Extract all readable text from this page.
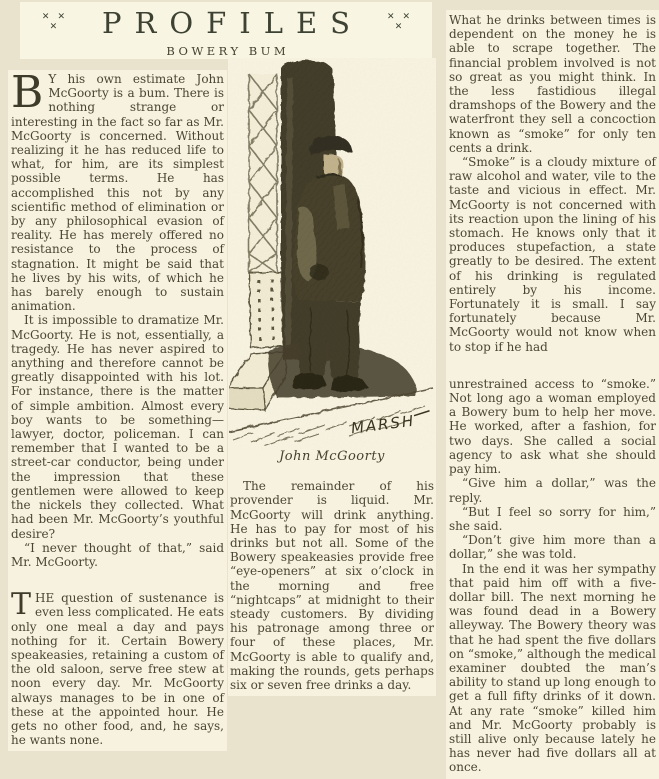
✕ ✕
✕	PROFILES	✕ ✕
✕
BOWERY BUM

B Y his own estimate John McGoorty is a bum. There is nothing strange or interesting in the fact so far as Mr. McGoorty is concerned. Without realizing it he has reduced life to what, for him, are its simplest possible terms. He has accomplished this not by any scientific method of elimination or by any philosophical evasion of reality. He has merely offered no resistance to the process of stagnation. It might be said that he lives by his wits, of which he has barely enough to sustain animation.

It is impossible to dramatize Mr. McGoorty. He is not, essentially, a tragedy. He has never aspired to anything and therefore cannot be greatly disappointed with his lot. For instance, there is the matter of simple ambition. Almost every boy wants to be something—lawyer, doctor, policeman. I can remember that I wanted to be a street-car conductor, being under the impression that these gentlemen were allowed to keep the nickels they collected. What had been Mr. McGoorty’s youthful desire?

“I never thought of that,” said Mr. McGoorty.

THE question of sustenance is even less complicated. He eats only one meal a day and pays nothing for it. Certain Bowery speakeasies, retaining a custom of the old saloon, serve free stew at noon every day. Mr. McGoorty always manages to be in one of these at the appointed hour. He gets no other food, and, he says, he wants none.

MARSH

John McGoorty

The remainder of his provender is liquid. Mr. McGoorty will drink anything. He has to pay for most of his drinks but not all. Some of the Bowery speakeasies provide free “eye-openers” at six o’clock in the morning and free “nightcaps” at midnight to their steady customers. By dividing his patronage among three or four of these places, Mr. McGoorty is able to qualify and, making the rounds, gets perhaps six or seven free drinks a day.

What he drinks between times is dependent on the money he is able to scrape together. The financial problem involved is not so great as you might think. In the less fastidious illegal dramshops of the Bowery and the waterfront they sell a concoction known as “smoke” for only ten cents a drink.

“Smoke” is a cloudy mixture of raw alcohol and water, vile to the taste and vicious in effect. Mr. McGoorty is not concerned with its reaction upon the lining of his stomach. He knows only that it produces stupefaction, a state greatly to be desired. The extent of his drinking is regulated entirely by his income. Fortunately it is small. I say fortunately because Mr. McGoorty would not know when to stop if he had

unrestrained access to “smoke.” Not long ago a woman employed a Bowery bum to help her move. He worked, after a fashion, for two days. She called a social agency to ask what she should pay him.

“Give him a dollar,” was the reply.

“But I feel so sorry for him,” she said.

“Don’t give him more than a dollar,” she was told.

In the end it was her sympathy that paid him off with a five-dollar bill. The next morning he was found dead in a Bowery alleyway. The Bowery theory was that he had spent the five dollars on “smoke,” although the medical examiner doubted the man’s ability to stand up long enough to get a full fifty drinks of it down. At any rate “smoke” killed him and Mr. McGoorty probably is still alive only because lately he has never had five dollars all at once.
